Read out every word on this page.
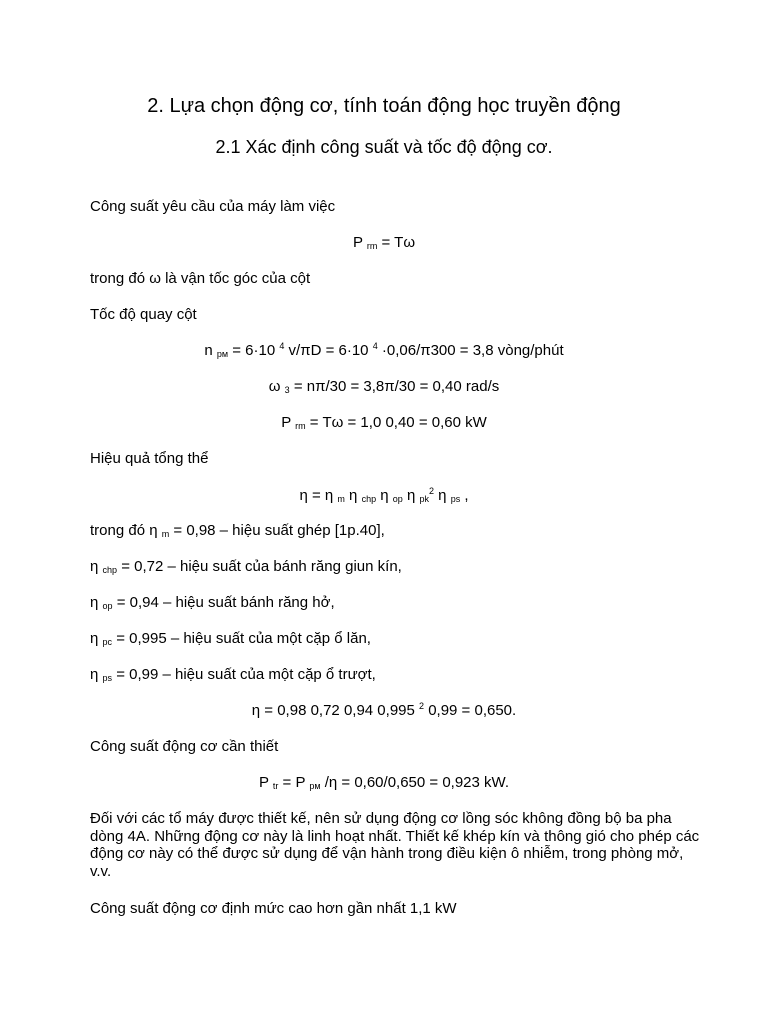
2. Lựa chọn động cơ, tính toán động học truyền động
2.1 Xác định công suất và tốc độ động cơ.
Công suất yêu cầu của máy làm việc
P $_{rm}$ = Tω
trong đó ω là vận tốc góc của cột
Tốc độ quay cột
n $_{рм}$ = 6·10 $^4$ v/πD = 6·10 $^4$ ·0,06/π300 = 3,8 vòng/phút
ω $_3$ = nπ/30 = 3,8π/30 = 0,40 rad/s
P $_{rm}$ = Tω = 1,0 0,40 = 0,60 kW
Hiệu quả tổng thể
η = η $_m$ η $_{chp}$ η $_{op}$ η $_{pk}^2$ η $_{ps}$ ,
trong đó η $_m$ = 0,98 – hiệu suất ghép [1p.40],
η $_{chp}$ = 0,72 – hiệu suất của bánh răng giun kín,
η $_{op}$ = 0,94 – hiệu suất bánh răng hở,
η $_{pc}$ = 0,995 – hiệu suất của một cặp ổ lăn,
η $_{ps}$ = 0,99 – hiệu suất của một cặp ổ trượt,
η = 0,98 0,72 0,94 0,995 $^2$ 0,99 = 0,650.
Công suất động cơ cần thiết
P $_{tr}$ = P $_{рм}$ /η = 0,60/0,650 = 0,923 kW.
Đối với các tổ máy được thiết kế, nên sử dụng động cơ lồng sóc không đồng bộ ba pha dòng 4A. Những động cơ này là linh hoạt nhất. Thiết kế khép kín và thông gió cho phép các động cơ này có thể được sử dụng để vận hành trong điều kiện ô nhiễm, trong phòng mở, v.v.
Công suất động cơ định mức cao hơn gần nhất 1,1 kW
